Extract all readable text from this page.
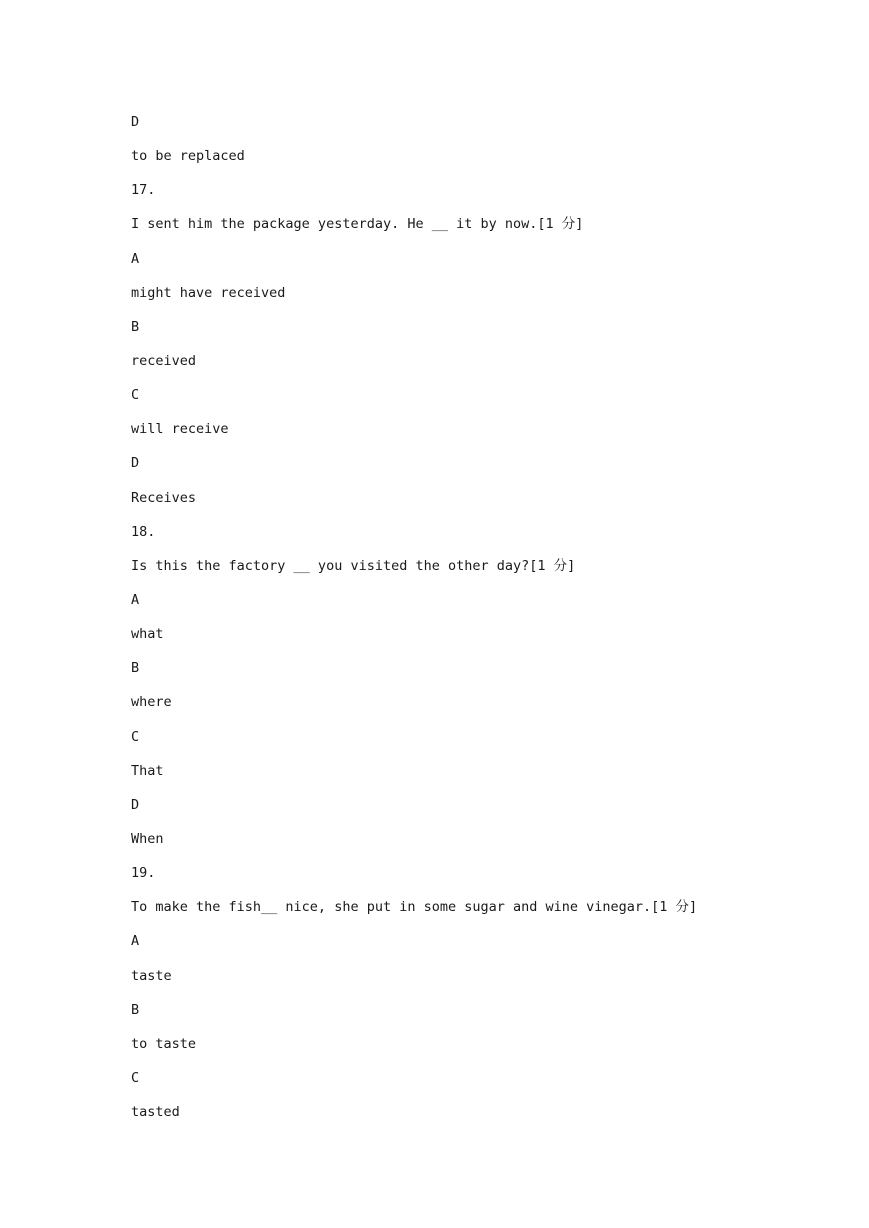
D
to be replaced
17.
I sent him the package yesterday. He __ it by now.[1 分]
A
might have received
B
received
C
will receive
D
Receives
18.
Is this the factory __ you visited the other day?[1 分]
A
what
B
where
C
That
D
When
19.
To make the fish__ nice, she put in some sugar and wine vinegar.[1 分]
A
taste
B
to taste
C
tasted
